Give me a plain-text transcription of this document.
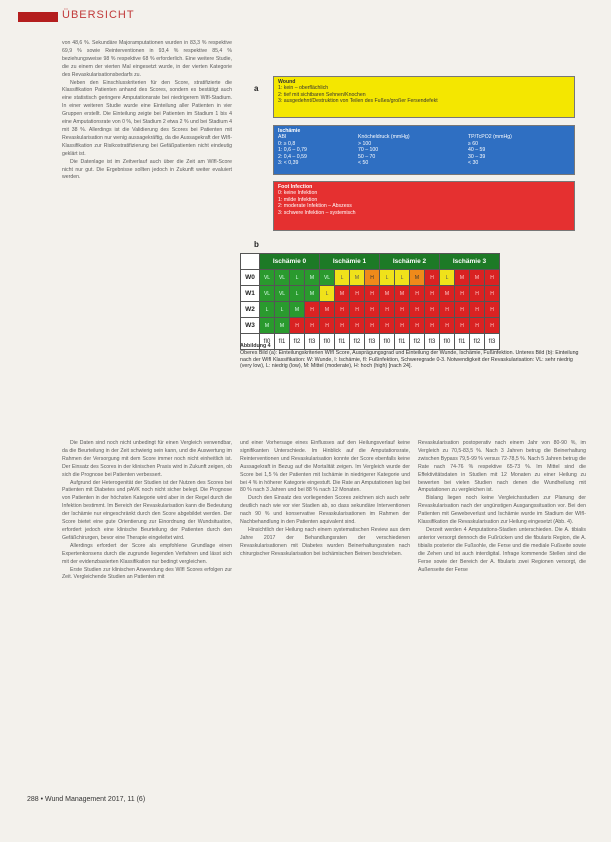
ÜBERSICHT

von 48,6 %. Sekundäre Majoramputationen wurden in 83,3 % respektive 69,9 % sowie Reinterventionen in 93,4 % respektive 85,4 % beziehungsweise 98 % respektive 68 % erforderlich. Eine weitere Studie, die zu einem der vierten Mal eingesetzt wurde, in der vierten Kategorie des Revaskularisationsbedarfs zu.

Neben den Einschlusskriterien für den Score, stratifizierte die Klassifikation Patienten anhand des Scores, sondern es bestätigt auch eine statistisch geringere Amputationsrate bei niedrigerem WIfI-Stadium. In einer weiteren Studie wurde eine Einteilung aller Patienten in vier Gruppen erstellt. Die Einteilung zeigte bei Patienten im Stadium 1 bis 4 eine Amputationsrate von 0 %, bei Stadium 2 etwa 2 % und bei Stadium 4 mit 38 %. Allerdings ist die Validierung des Scores bei Patienten mit Revaskularisation nur wenig aussagekräftig, da die Aussagekraft der WIfI-Klassifikation zur Risikostratifizierung bei Gefäßpatienten nicht eindeutig geklärt ist.

Die Datenlage ist im Zeitverlauf auch über die Zeit am WIfI-Score nicht nur gut. Die Ergebnisse sollten jedoch in Zukunft weiter evaluiert werden.

Die Daten sind noch nicht unbedingt für einen Vergleich verwendbar, da die Beurteilung in der Zeit schwierig sein kann, und die Auswertung im Rahmen der Versorgung mit dem Score immer noch nicht einheitlich ist. Der Einsatz des Scores in der klinischen Praxis wird in Zukunft zeigen, ob sich die Prognose bei Patienten verbessert.

Aufgrund der Heterogenität der Studien ist der Nutzen des Scores bei Patienten mit Diabetes und pAVK noch nicht sicher belegt. Die Prognose von Patienten in der höchsten Kategorie wird aber in der Regel durch die Infektion bestimmt. Im Bereich der Revaskularisation kann die Bedeutung der Ischämie nur eingeschränkt durch den Score abgebildet werden. Der Score bietet eine gute Orientierung zur Einordnung der Wundsituation, erfordert jedoch eine klinische Beurteilung der Patienten durch den Gefäßchirurgen, bevor eine Therapie eingeleitet wird.

Allerdings erfordert der Score als empfohlene Grundlage einen Expertenkonsens durch die zugrunde liegenden Verfahren und lässt sich mit der evidenzbasierten Klassifikation nur bedingt vergleichen.

Erste Studien zur klinischen Anwendung des WIfI Scores erfolgen zur Zeit. Vergleichende Studien an Patienten mit

und einer Vorhersage eines Einflusses auf den Heilungsverlauf keine signifikanten Unterschiede. Im Hinblick auf die Amputationsrate, Reinterventionen und Revaskularisation konnte der Score ebenfalls keine Aussagekraft in Bezug auf die Mortalität zeigen. Im Vergleich wurde der Score bei 1,5 % der Patienten mit Ischämie in niedrigerer Kategorie und bei 4 % in höherer Kategorie eingestuft. Die Rate an Amputationen lag bei 80 % nach 3 Jahren und bei 88 % nach 12 Monaten.

Durch den Einsatz des vorliegenden Scores zeichnen sich auch sehr deutlich nach wie vor vier Stadien ab, so dass sekundäre Interventionen nach 90 % und konservative Revaskularisationen im Rahmen der Nachbehandlung in den Patienten aquivalent sind.

Hinsichtlich der Heilung nach einem systematischen Review aus dem Jahre 2017 der Behandlungsraten der verschiedenen Revaskularisationen mit Diabetes wurden Beinerhaltungsraten nach chirurgischer Revaskularisation bei ischämischen Beinen beschrieben.

Revaskularisation postoperativ nach einem Jahr von 80-90 %, im Vergleich zu 70,5-83,5 %. Nach 3 Jahren betrug die Beinerhaltung zwischen Bypass 79,5-99 % versus 72-78,5 %. Nach 5 Jahren betrug die Rate nach 74-76 % respektive 65-73 %. Im Mittel sind die Effektivitätsdaten in Studien mit 12 Monaten zu einer Heilung zu bewerten bei vielen Studien nach denen die Wundheilung mit Amputationen zu vergleichen ist.

Bislang liegen noch keine Vergleichsstudien zur Planung der Revaskularisation nach der ungünstigen Ausgangssituation vor. Bei den Patienten mit Gewebeverlust und Ischämie wurde im Stadium der WIfI-Klassifikation die Revaskularisation zur Heilung eingesetzt (Abb. 4).

Derzeit werden 4 Amputations-Stadien unterschieden. Die A. tibialis anterior versorgt dennoch die Fußrücken und die fibularis Region, die A. tibialis posterior die Fußsohle, die Ferse und die mediale Fußseite sowie die Zehen und ist auch interdigital. Infrage kommende Stellen sind die Ferse sowie der Bereich der A. fibularis zwei Regionen versorgt, die Außenseite der Ferse

a
Wound
1: kein – oberflächlich
2: tief mit sichtbaren Sehnen/Knochen
3: ausgedehnt/Destruktion von Teilen des Fußes/großer Fersendefekt
Ischämie
ABI	Knöcheldruck (mmHg)	TP/TcPO2 (mmHg)
0: ≥ 0,8	> 100	≥ 60
1: 0,6 – 0,79	70 – 100	40 – 59
2: 0,4 – 0,59	50 – 70	30 – 39
3: < 0,39	< 50	< 30
Foot Infection
0: keine Infektion
1: milde Infektion
2: moderate Infektion – Abszess
3: schwere Infektion – systemisch
b
	Ischämie 0				Ischämie 1				Ischämie 2				Ischämie 3			
W0	VL	VL	L	M	VL	L	M	H	L	L	M	H	L	M	M	H
W1	VL	VL	L	M	L	M	H	H	M	M	H	H	M	H	H	H
W2	L	L	M	H	M	H	H	H	H	H	H	H	H	H	H	H
W3	M	M	H	H	H	H	H	H	H	H	H	H	H	H	H	H
	fI0	fI1	fI2	fI3	fI0	fI1	fI2	fI3	fI0	fI1	fI2	fI3	fI0	fI1	fI2	fI3
Abbildung 4
Oberes Bild (a): Einteilungskriterien WIfI Score, Ausprägungsgrad und Einteilung der Wunde, Ischämie, Fußinfektion. Unteres Bild (b): Einteilung nach der WIfI Klassifikation: W: Wunde, I: Ischämie, fI: Fußinfektion, Schweregrade 0-3. Notwendigkeit der Revaskularisation: VL: sehr niedrig (very low), L: niedrig (low), M: Mittel (moderate), H: hoch (high) [nach 24].
288 • Wund Management 2017, 11 (6)
